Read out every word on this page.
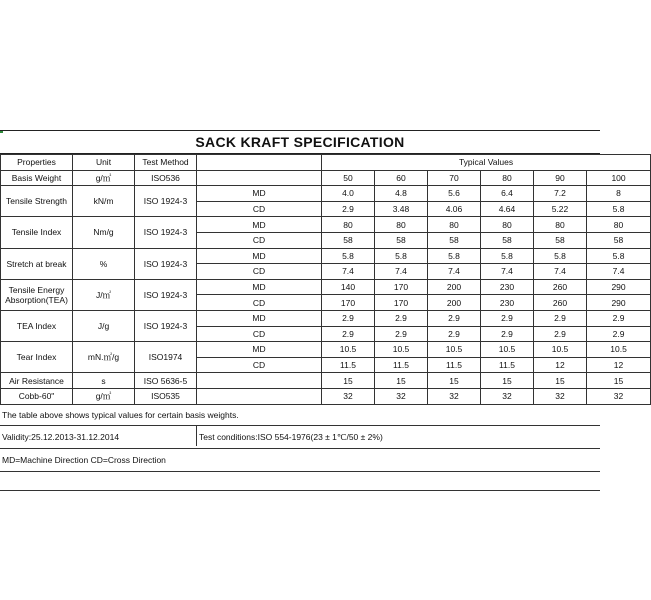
SACK KRAFT SPECIFICATION
Properties	Unit	Test Method		Typical Values					
Basis Weight	g/㎡	ISO536		50	60	70	80	90	100
Tensile Strength	kN/m	ISO 1924-3	MD	4.0	4.8	5.6	6.4	7.2	8
			CD	2.9	3.48	4.06	4.64	5.22	5.8
Tensile Index	Nm/g	ISO 1924-3	MD	80	80	80	80	80	80
			CD	58	58	58	58	58	58
Stretch at break	%	ISO 1924-3	MD	5.8	5.8	5.8	5.8	5.8	5.8
			CD	7.4	7.4	7.4	7.4	7.4	7.4
Tensile Energy Absorption(TEA)	J/㎡	ISO 1924-3	MD	140	170	200	230	260	290
			CD	170	170	200	230	260	290
TEA Index	J/g	ISO 1924-3	MD	2.9	2.9	2.9	2.9	2.9	2.9
			CD	2.9	2.9	2.9	2.9	2.9	2.9
Tear Index	mN.㎡/g	ISO1974	MD	10.5	10.5	10.5	10.5	10.5	10.5
			CD	11.5	11.5	11.5	11.5	12	12
Air Resistance	s	ISO 5636-5		15	15	15	15	15	15
Cobb-60"	g/㎡	ISO535		32	32	32	32	32	32
The table above shows typical values for certain basis weights.
Validity:25.12.2013-31.12.2014	Test conditions:ISO 554-1976(23 ± 1℃/50 ± 2%)
MD=Machine Direction CD=Cross Direction
